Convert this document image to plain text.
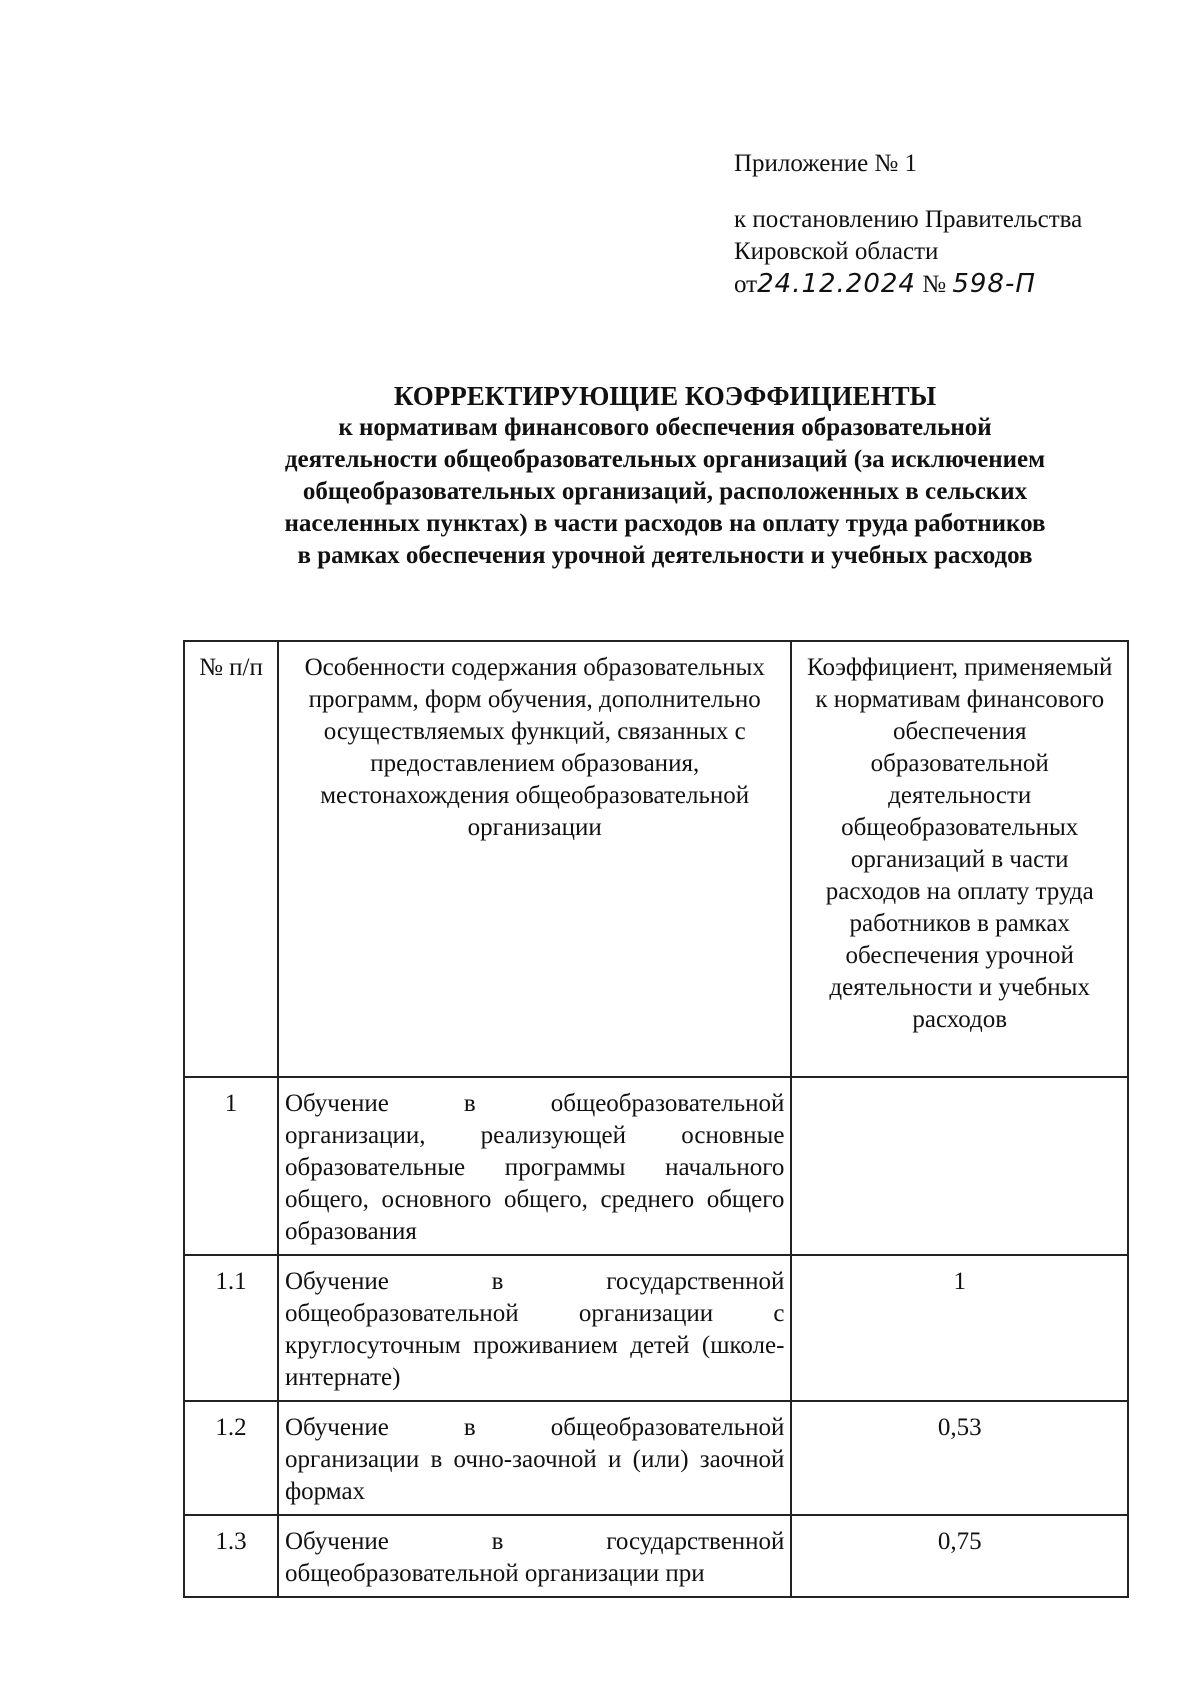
Приложение № 1
к постановлению Правительства
Кировской области
от24.12.2024 № 598-П
КОРРЕКТИРУЮЩИЕ КОЭФФИЦИЕНТЫ
к нормативам финансового обеспечения образовательной
деятельности общеобразовательных организаций (за исключением
общеобразовательных организаций, расположенных в сельских
населенных пунктах) в части расходов на оплату труда работников
в рамках обеспечения урочной деятельности и учебных расходов
№ п/п	Особенности содержания образовательных программ, форм обучения, дополнительно осуществляемых функций, связанных с предоставлением образования, местонахождения общеобразовательной организации	Коэффициент, применяемый к нормативам финансового обеспечения образовательной деятельности общеобразовательных организаций в части расходов на оплату труда работников в рамках обеспечения урочной деятельности и учебных расходов
1	Обучение в общеобразовательной организации, реализующей основные образовательные программы начального общего, основного общего, среднего общего образования	
1.1	Обучение в государственной общеобразовательной организации с круглосуточным проживанием детей (школе-интернате)	1
1.2	Обучение в общеобразовательной организации в очно-заочной и (или) заочной формах	0,53
1.3	Обучение в государственной общеобразовательной организации при	0,75
